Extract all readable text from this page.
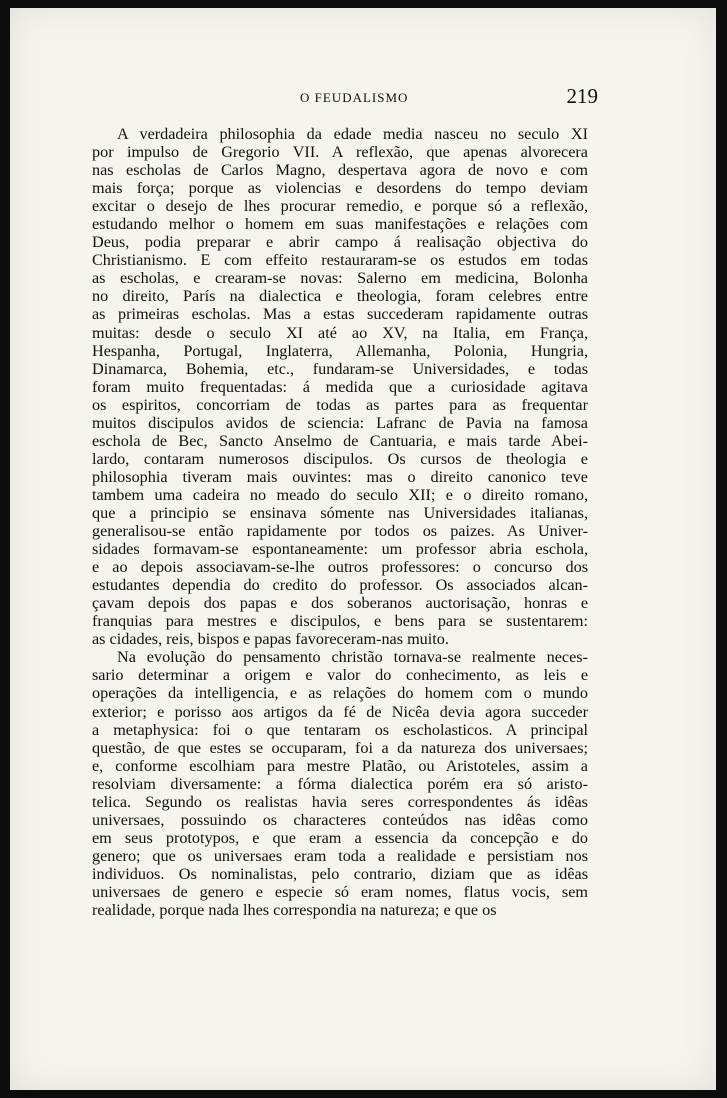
O FEUDALISMO	219
A verdadeira philosophia da edade media nasceu no seculo XI
por impulso de Gregorio VII. A reflexão, que apenas alvorecera
nas escholas de Carlos Magno, despertava agora de novo e com
mais força; porque as violencias e desordens do tempo deviam
excitar o desejo de lhes procurar remedio, e porque só a reflexão,
estudando melhor o homem em suas manifestações e relações com
Deus, podia preparar e abrir campo á realisação objectiva do
Christianismo. E com effeito restauraram-se os estudos em todas
as escholas, e crearam-se novas: Salerno em medicina, Bolonha
no direito, París na dialectica e theologia, foram celebres entre
as primeiras escholas. Mas a estas succederam rapidamente outras
muitas: desde o seculo XI até ao XV, na Italia, em França,
Hespanha, Portugal, Inglaterra, Allemanha, Polonia, Hungria,
Dinamarca, Bohemia, etc., fundaram-se Universidades, e todas
foram muito frequentadas: á medida que a curiosidade agitava
os espiritos, concorriam de todas as partes para as frequentar
muitos discipulos avidos de sciencia: Lafranc de Pavia na famosa
eschola de Bec, Sancto Anselmo de Cantuaria, e mais tarde Abei-
lardo, contaram numerosos discipulos. Os cursos de theologia e
philosophia tiveram mais ouvintes: mas o direito canonico teve
tambem uma cadeira no meado do seculo XII; e o direito romano,
que a principio se ensinava sómente nas Universidades italianas,
generalisou-se então rapidamente por todos os paizes. As Univer-
sidades formavam-se espontaneamente: um professor abria eschola,
e ao depois associavam-se-lhe outros professores: o concurso dos
estudantes dependia do credito do professor. Os associados alcan-
çavam depois dos papas e dos soberanos auctorisação, honras e
franquias para mestres e discipulos, e bens para se sustentarem:
as cidades, reis, bispos e papas favoreceram-nas muito.
Na evolução do pensamento christão tornava-se realmente neces-
sario determinar a origem e valor do conhecimento, as leis e
operações da intelligencia, e as relações do homem com o mundo
exterior; e porisso aos artigos da fé de Nicêa devia agora succeder
a metaphysica: foi o que tentaram os escholasticos. A principal
questão, de que estes se occuparam, foi a da natureza dos universaes;
e, conforme escolhiam para mestre Platão, ou Aristoteles, assim a
resolviam diversamente: a fórma dialectica porém era só aristo-
telica. Segundo os realistas havia seres correspondentes ás idêas
universaes, possuindo os characteres conteúdos nas idêas como
em seus prototypos, e que eram a essencia da concepção e do
genero; que os universaes eram toda a realidade e persistiam nos
individuos. Os nominalistas, pelo contrario, diziam que as idêas
universaes de genero e especie só eram nomes, flatus vocis, sem
realidade, porque nada lhes correspondia na natureza; e que os
